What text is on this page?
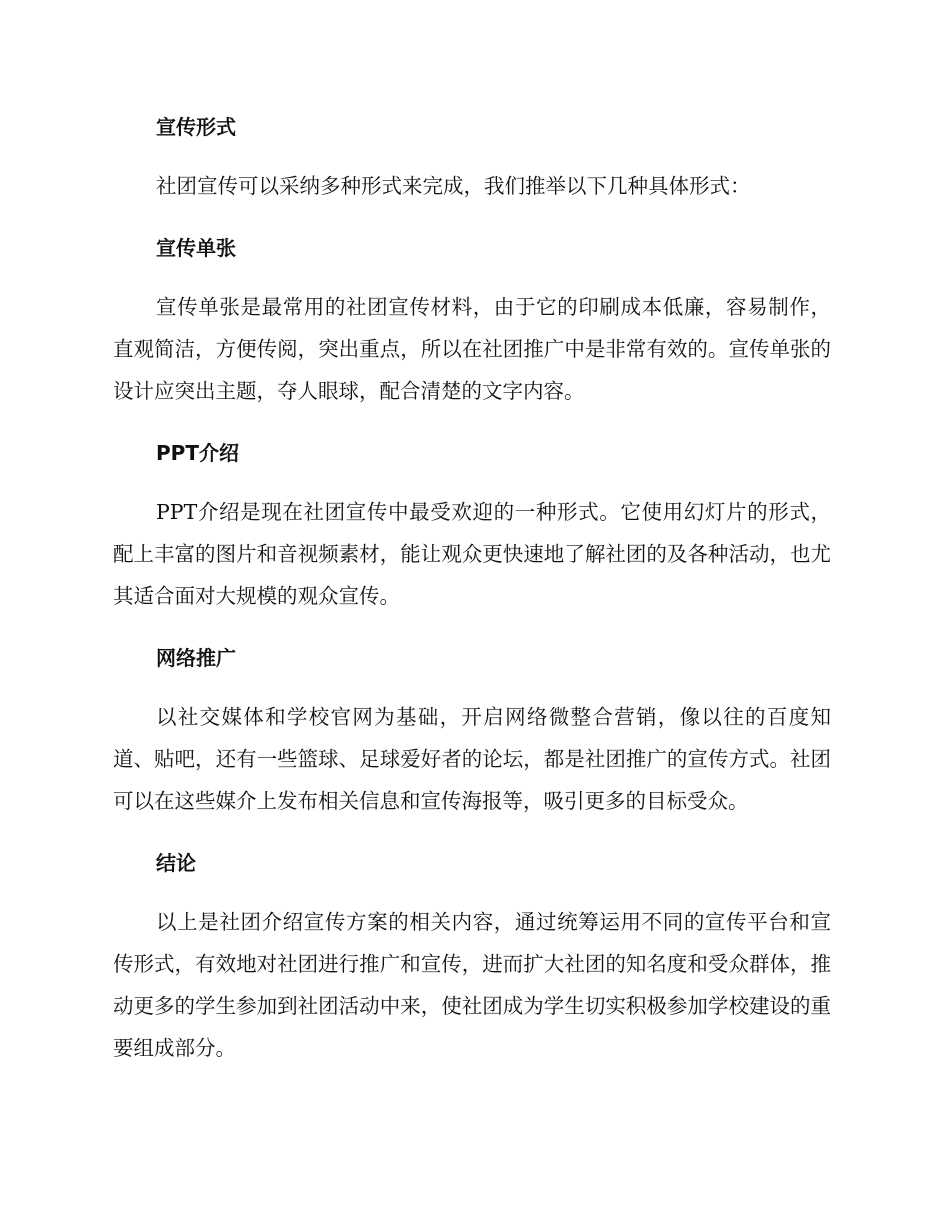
宣传形式

社团宣传可以采纳多种形式来完成，我们推举以下几种具体形式：

宣传单张

宣传单张是最常用的社团宣传材料，由于它的印刷成本低廉，容易制作，直观简洁，方便传阅，突出重点，所以在社团推广中是非常有效的。宣传单张的设计应突出主题，夺人眼球，配合清楚的文字内容。

PPT介绍

PPT介绍是现在社团宣传中最受欢迎的一种形式。它使用幻灯片的形式，配上丰富的图片和音视频素材，能让观众更快速地了解社团的及各种活动，也尤其适合面对大规模的观众宣传。

网络推广

以社交媒体和学校官网为基础，开启网络微整合营销，像以往的百度知道、贴吧，还有一些篮球、足球爱好者的论坛，都是社团推广的宣传方式。社团可以在这些媒介上发布相关信息和宣传海报等，吸引更多的目标受众。

结论

以上是社团介绍宣传方案的相关内容，通过统筹运用不同的宣传平台和宣传形式，有效地对社团进行推广和宣传，进而扩大社团的知名度和受众群体，推动更多的学生参加到社团活动中来，使社团成为学生切实积极参加学校建设的重要组成部分。
